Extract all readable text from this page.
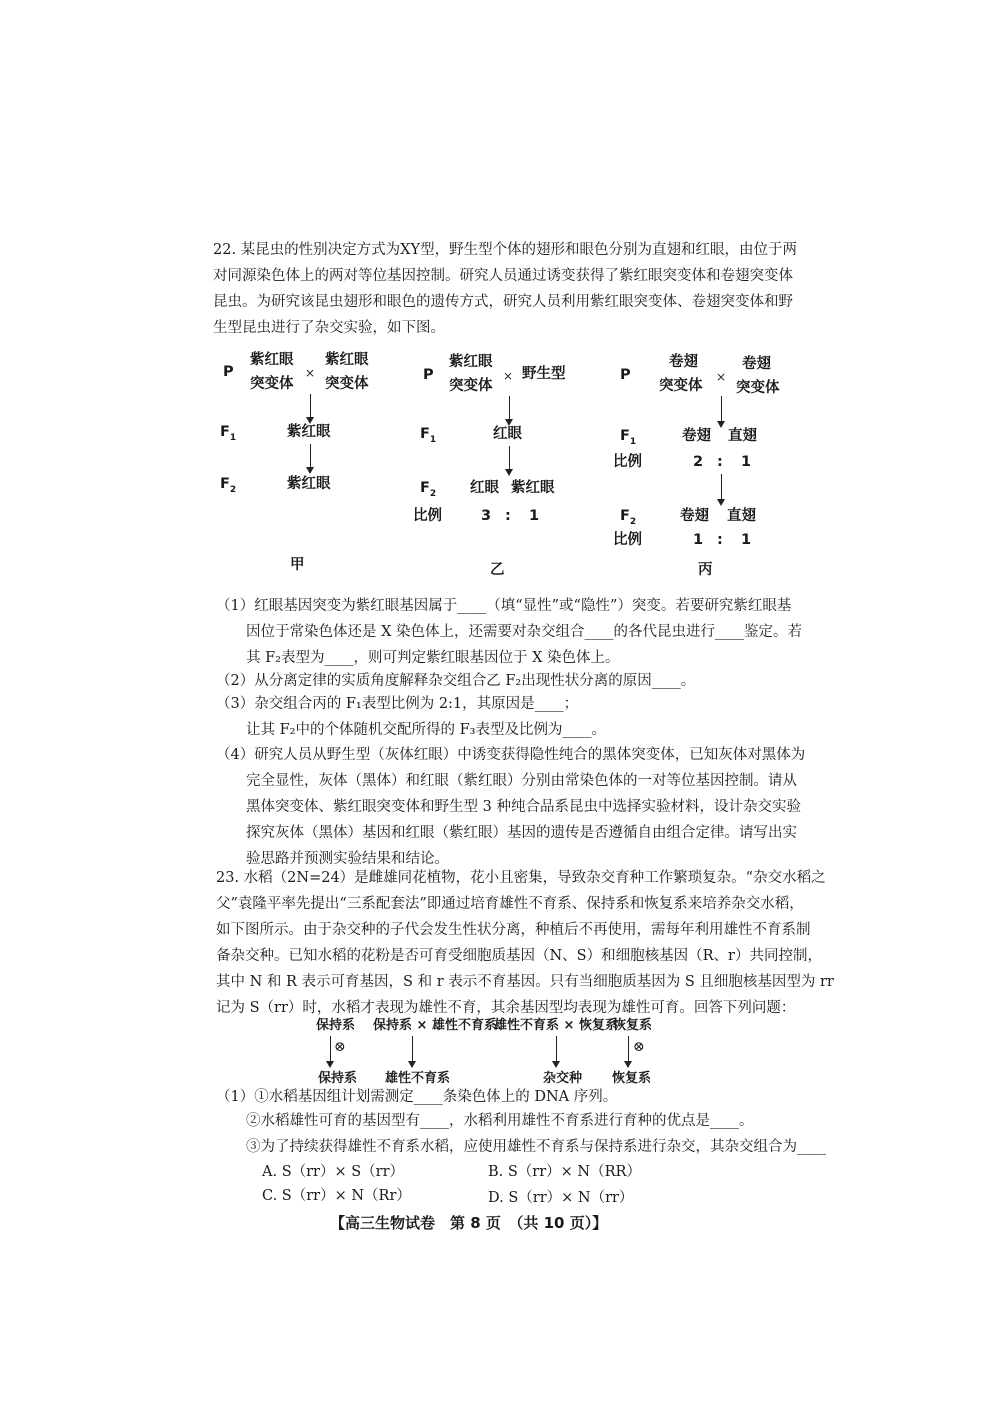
22. 某昆虫的性别决定方式为XY型，野生型个体的翅形和眼色分别为直翅和红眼，由位于两
对同源染色体上的两对等位基因控制。研究人员通过诱变获得了紫红眼突变体和卷翅突变体
昆虫。为研究该昆虫翅形和眼色的遗传方式，研究人员利用紫红眼突变体、卷翅突变体和野
生型昆虫进行了杂交实验，如下图。
P
紫红眼
突变体
×
紫红眼
突变体
$F_1$	紫红眼
$F_2$	紫红眼
甲
P
紫红眼
突变体
× 野生型
$F_1$	红眼
$F_2$ 红眼 紫红眼
比例	3 : 1
乙
P
卷翅
突变体
×
卷翅
突变体
$F_1$	卷翅 直翅
比例	2 : 1
$F_2$	卷翅 直翅
比例	1 : 1
丙
（1）红眼基因突变为紫红眼基因属于____（填“显性”或“隐性”）突变。若要研究紫红眼基
因位于常染色体还是 X 染色体上，还需要对杂交组合____的各代昆虫进行____鉴定。若
其 F₂表型为____，则可判定紫红眼基因位于 X 染色体上。
（2）从分离定律的实质角度解释杂交组合乙 F₂出现性状分离的原因____。
（3）杂交组合丙的 F₁表型比例为 2:1，其原因是____；
让其 F₂中的个体随机交配所得的 F₃表型及比例为____。
（4）研究人员从野生型（灰体红眼）中诱变获得隐性纯合的黑体突变体，已知灰体对黑体为
完全显性，灰体（黑体）和红眼（紫红眼）分别由常染色体的一对等位基因控制。请从
黑体突变体、紫红眼突变体和野生型 3 种纯合品系昆虫中选择实验材料，设计杂交实验
探究灰体（黑体）基因和红眼（紫红眼）基因的遗传是否遵循自由组合定律。请写出实
验思路并预测实验结果和结论。
23. 水稻（2N=24）是雌雄同花植物，花小且密集，导致杂交育种工作繁琐复杂。“杂交水稻之
父”袁隆平率先提出“三系配套法”即通过培育雄性不育系、保持系和恢复系来培养杂交水稻，
如下图所示。由于杂交种的子代会发生性状分离，种植后不再使用，需每年利用雄性不育系制
备杂交种。已知水稻的花粉是否可育受细胞质基因（N、S）和细胞核基因（R、r）共同控制，
其中 N 和 R 表示可育基因，S 和 r 表示不育基因。只有当细胞质基因为 S 且细胞核基因型为 rr
记为 S（rr）时，水稻才表现为雄性不育，其余基因型均表现为雄性可育。回答下列问题：
保持系 保持系 × 雄性不育系
雄性不育系 × 恢复系
恢复系
⊗	⊗
保持系 雄性不育系	杂交种 恢复系
（1）①水稻基因组计划需测定____条染色体上的 DNA 序列。
②水稻雄性可育的基因型有____，水稻利用雄性不育系进行育种的优点是____。
③为了持续获得雄性不育系水稻，应使用雄性不育系与保持系进行杂交，其杂交组合为____
A. S（rr）× S（rr）	B. S（rr）× N（RR）
C. S（rr）× N（Rr）	D. S（rr）× N（rr）
【高三生物试卷　第 8 页　（共 10 页）】
